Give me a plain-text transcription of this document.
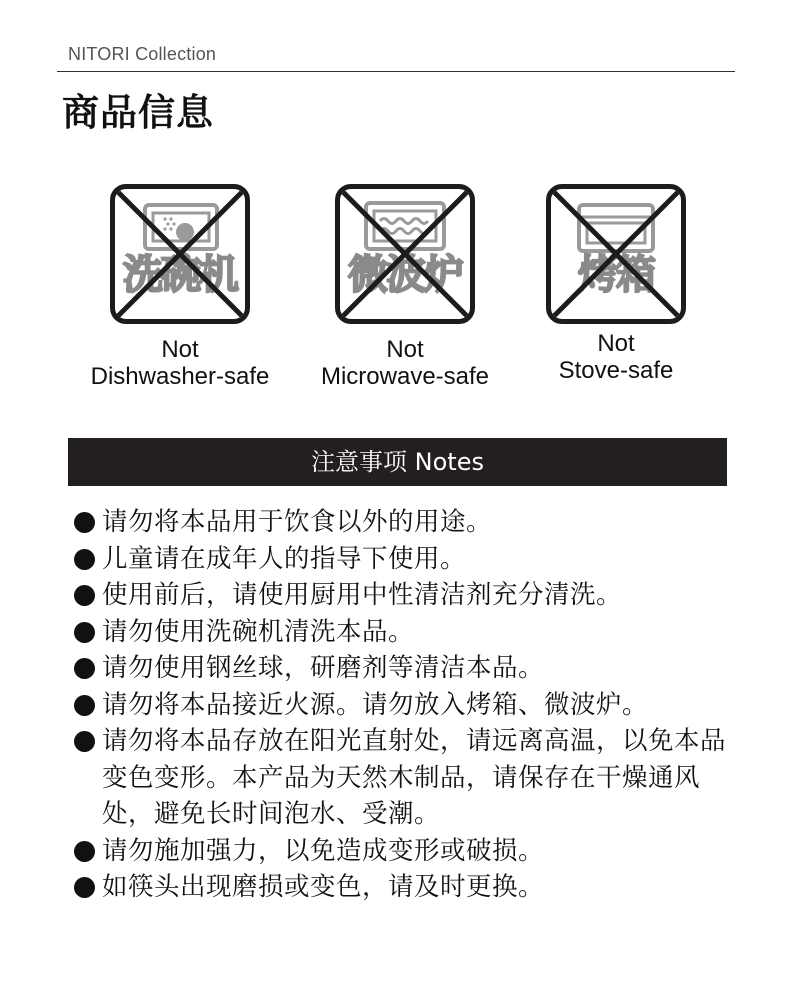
NITORI Collection
商品信息
洗碗机
Not
Dishwasher-safe
微波炉
Not
Microwave-safe
烤箱
Not
Stove-safe
注意事项 Notes
请勿将本品用于饮食以外的用途。
儿童请在成年人的指导下使用。
使用前后，请使用厨用中性清洁剂充分清洗。
请勿使用洗碗机清洗本品。
请勿使用钢丝球，研磨剂等清洁本品。
请勿将本品接近火源。请勿放入烤箱、微波炉。
请勿将本品存放在阳光直射处，请远离高温，以免本品变色变形。本产品为天然木制品，请保存在干燥通风处，避免长时间泡水、受潮。
请勿施加强力，以免造成变形或破损。
如筷头出现磨损或变色，请及时更换。
